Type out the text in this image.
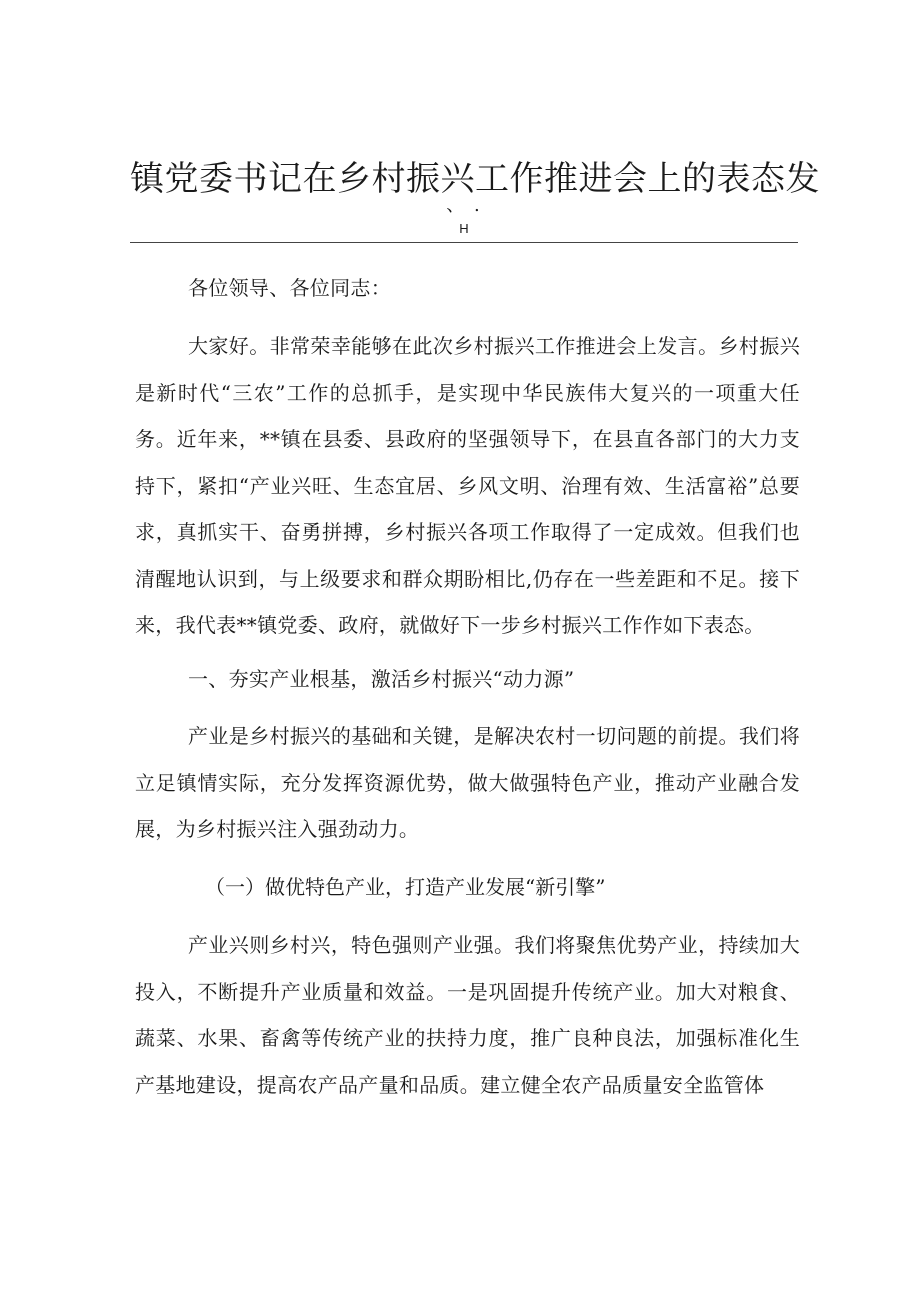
镇党委书记在乡村振兴工作推进会上的表态发
、 .
H

各位领导、各位同志：

大家好。非常荣幸能够在此次乡村振兴工作推进会上发言。乡村振兴是新时代“三农”工作的总抓手，是实现中华民族伟大复兴的一项重大任务。近年来，**镇在县委、县政府的坚强领导下，在县直各部门的大力支持下，紧扣“产业兴旺、生态宜居、乡风文明、治理有效、生活富裕”总要求，真抓实干、奋勇拼搏，乡村振兴各项工作取得了一定成效。但我们也清醒地认识到，与上级要求和群众期盼相比,仍存在一些差距和不足。接下来，我代表**镇党委、政府，就做好下一步乡村振兴工作作如下表态。

一、夯实产业根基，激活乡村振兴“动力源”

产业是乡村振兴的基础和关键，是解决农村一切问题的前提。我们将立足镇情实际，充分发挥资源优势，做大做强特色产业，推动产业融合发展，为乡村振兴注入强劲动力。

（一）做优特色产业，打造产业发展“新引擎”

产业兴则乡村兴，特色强则产业强。我们将聚焦优势产业，持续加大投入，不断提升产业质量和效益。一是巩固提升传统产业。加大对粮食、蔬菜、水果、畜禽等传统产业的扶持力度，推广良种良法，加强标准化生产基地建设，提高农产品产量和品质。建立健全农产品质量安全监管体
